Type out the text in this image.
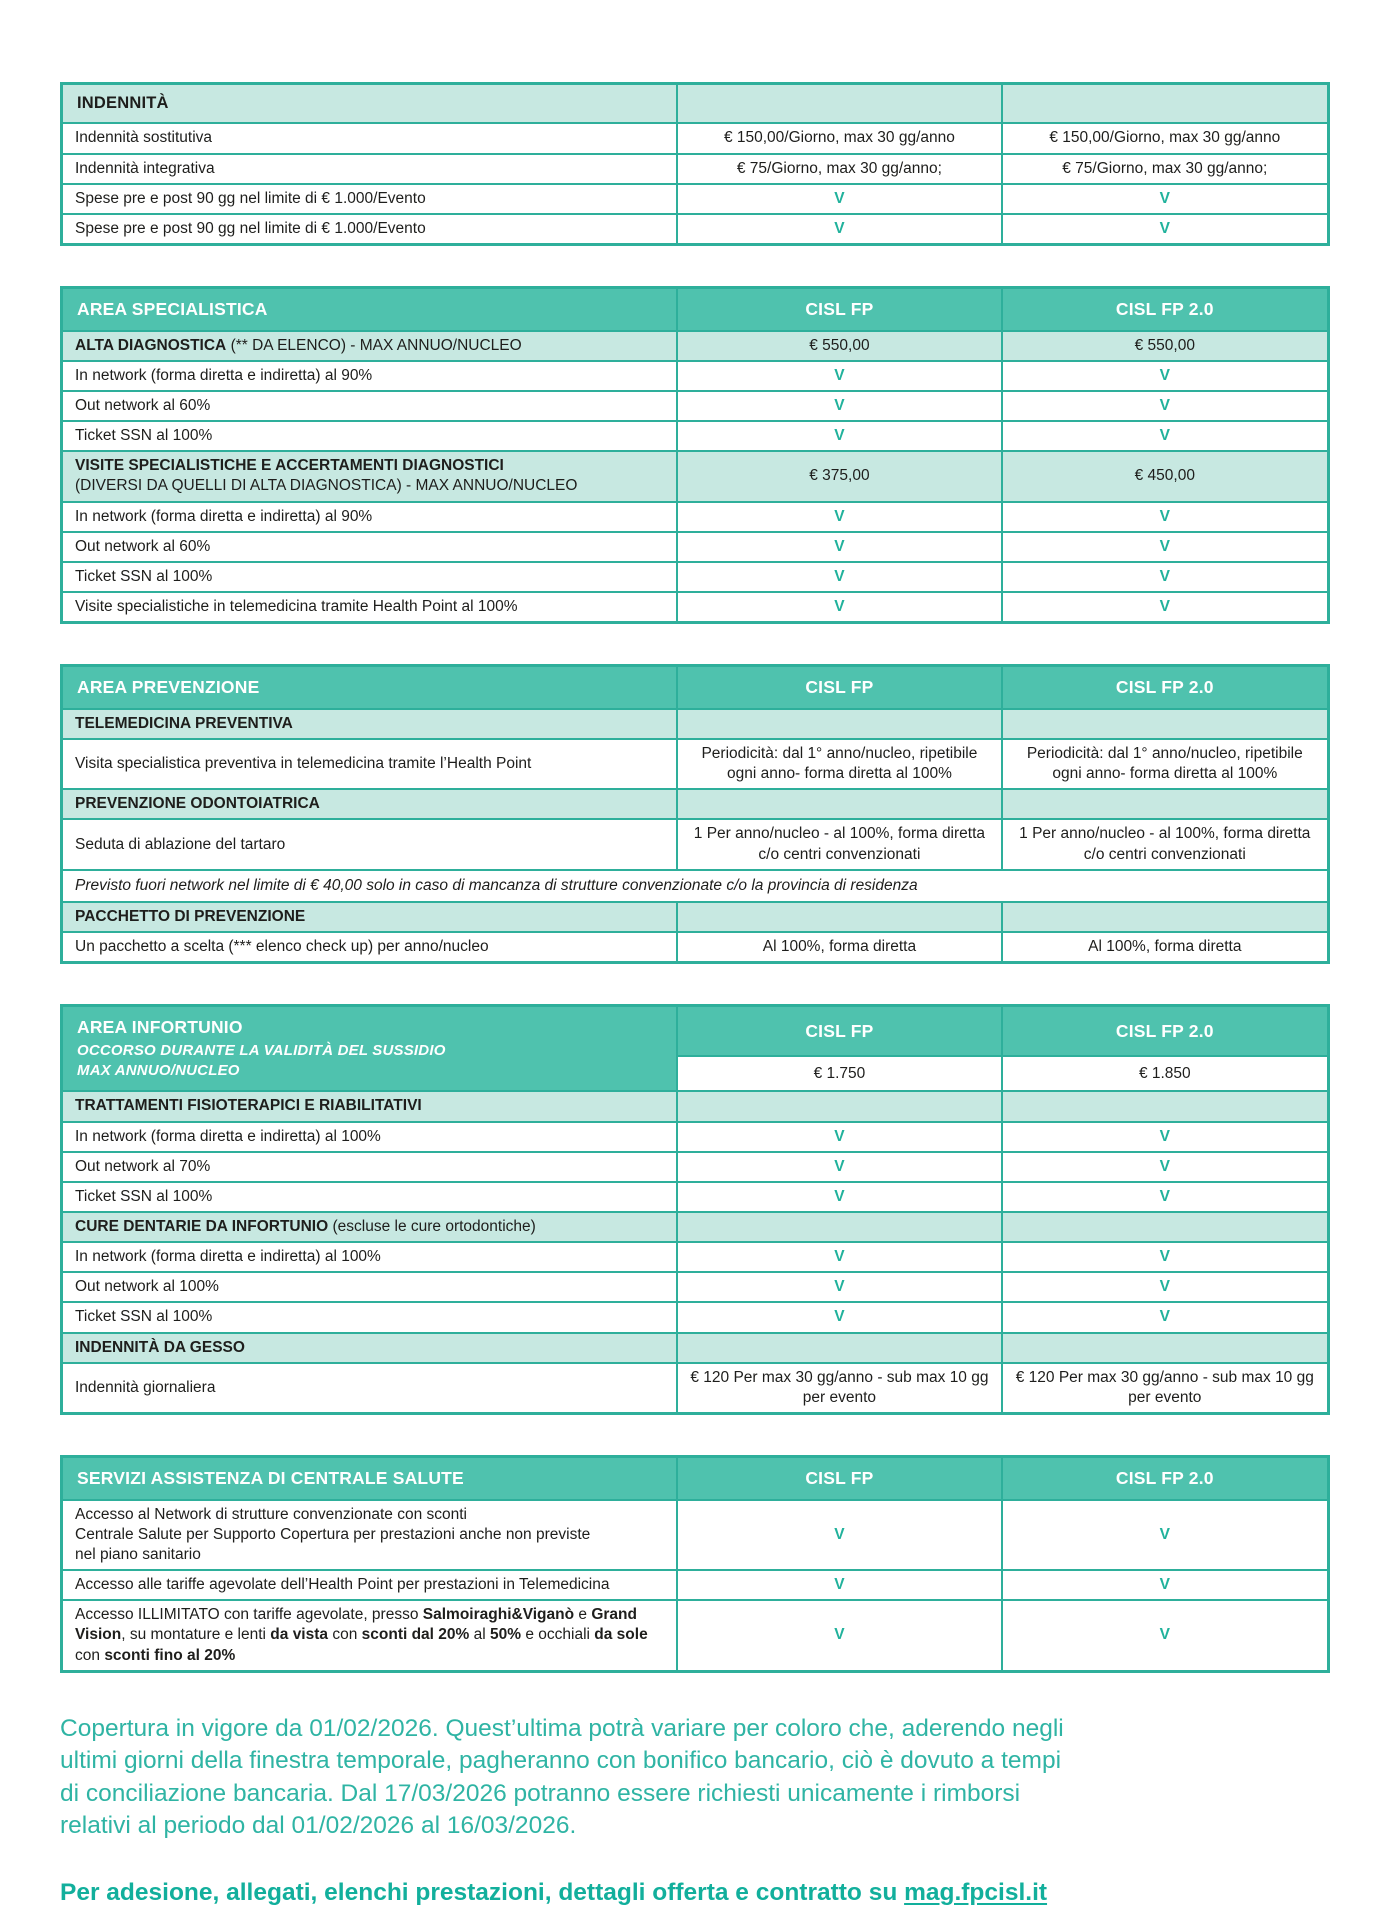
INDENNITÀ		
Indennità sostitutiva	€ 150,00/Giorno, max 30 gg/anno	€ 150,00/Giorno, max 30 gg/anno
Indennità integrativa	€ 75/Giorno, max 30 gg/anno;	€ 75/Giorno, max 30 gg/anno;
Spese pre e post 90 gg nel limite di € 1.000/Evento	V	V
Spese pre e post 90 gg nel limite di € 1.000/Evento	V	V
AREA SPECIALISTICA	CISL FP	CISL FP 2.0
ALTA DIAGNOSTICA (** DA ELENCO) - MAX ANNUO/NUCLEO	€ 550,00	€ 550,00
In network (forma diretta e indiretta) al 90%	V	V
Out network al 60%	V	V
Ticket SSN al 100%	V	V
VISITE SPECIALISTICHE E ACCERTAMENTI DIAGNOSTICI
(DIVERSI DA QUELLI DI ALTA DIAGNOSTICA) - MAX ANNUO/NUCLEO	€ 375,00	€ 450,00
In network (forma diretta e indiretta) al 90%	V	V
Out network al 60%	V	V
Ticket SSN al 100%	V	V
Visite specialistiche in telemedicina tramite Health Point al 100%	V	V
AREA PREVENZIONE	CISL FP	CISL FP 2.0
TELEMEDICINA PREVENTIVA		
Visita specialistica preventiva in telemedicina tramite l’Health Point	Periodicità: dal 1° anno/nucleo, ripetibile ogni anno- forma diretta al 100%	Periodicità: dal 1° anno/nucleo, ripetibile ogni anno- forma diretta al 100%
PREVENZIONE ODONTOIATRICA		
Seduta di ablazione del tartaro	1 Per anno/nucleo - al 100%, forma diretta c/o centri convenzionati	1 Per anno/nucleo - al 100%, forma diretta c/o centri convenzionati
Previsto fuori network nel limite di € 40,00 solo in caso di mancanza di strutture convenzionate c/o la provincia di residenza		
PACCHETTO DI PREVENZIONE		
Un pacchetto a scelta (*** elenco check up) per anno/nucleo	Al 100%, forma diretta	Al 100%, forma diretta
AREA INFORTUNIO
OCCORSO DURANTE LA VALIDITÀ DEL SUSSIDIO
MAX ANNUO/NUCLEO	CISL FP	CISL FP 2.0
	€ 1.750	€ 1.850
TRATTAMENTI FISIOTERAPICI E RIABILITATIVI		
In network (forma diretta e indiretta) al 100%	V	V
Out network al 70%	V	V
Ticket SSN al 100%	V	V
CURE DENTARIE DA INFORTUNIO (escluse le cure ortodontiche)		
In network (forma diretta e indiretta) al 100%	V	V
Out network al 100%	V	V
Ticket SSN al 100%	V	V
INDENNITÀ DA GESSO		
Indennità giornaliera	€ 120 Per max 30 gg/anno - sub max 10 gg per evento	€ 120 Per max 30 gg/anno - sub max 10 gg per evento
SERVIZI ASSISTENZA DI CENTRALE SALUTE	CISL FP	CISL FP 2.0
Accesso al Network di strutture convenzionate con sconti
Centrale Salute per Supporto Copertura per prestazioni anche non previste
nel piano sanitario	V	V
Accesso alle tariffe agevolate dell’Health Point per prestazioni in Telemedicina	V	V
Accesso ILLIMITATO con tariffe agevolate, presso Salmoiraghi&Viganò e Grand Vision, su montature e lenti da vista con sconti dal 20% al 50% e occhiali da sole con sconti fino al 20%	V	V

Copertura in vigore da 01/02/2026. Quest’ultima potrà variare per coloro che, aderendo negli ultimi giorni della finestra temporale, pagheranno con bonifico bancario, ciò è dovuto a tempi di conciliazione bancaria. Dal 17/03/2026 potranno essere richiesti unicamente i rimborsi relativi al periodo dal 01/02/2026 al 16/03/2026.

Per adesione, allegati, elenchi prestazioni, dettagli offerta e contratto su mag.fpcisl.it
